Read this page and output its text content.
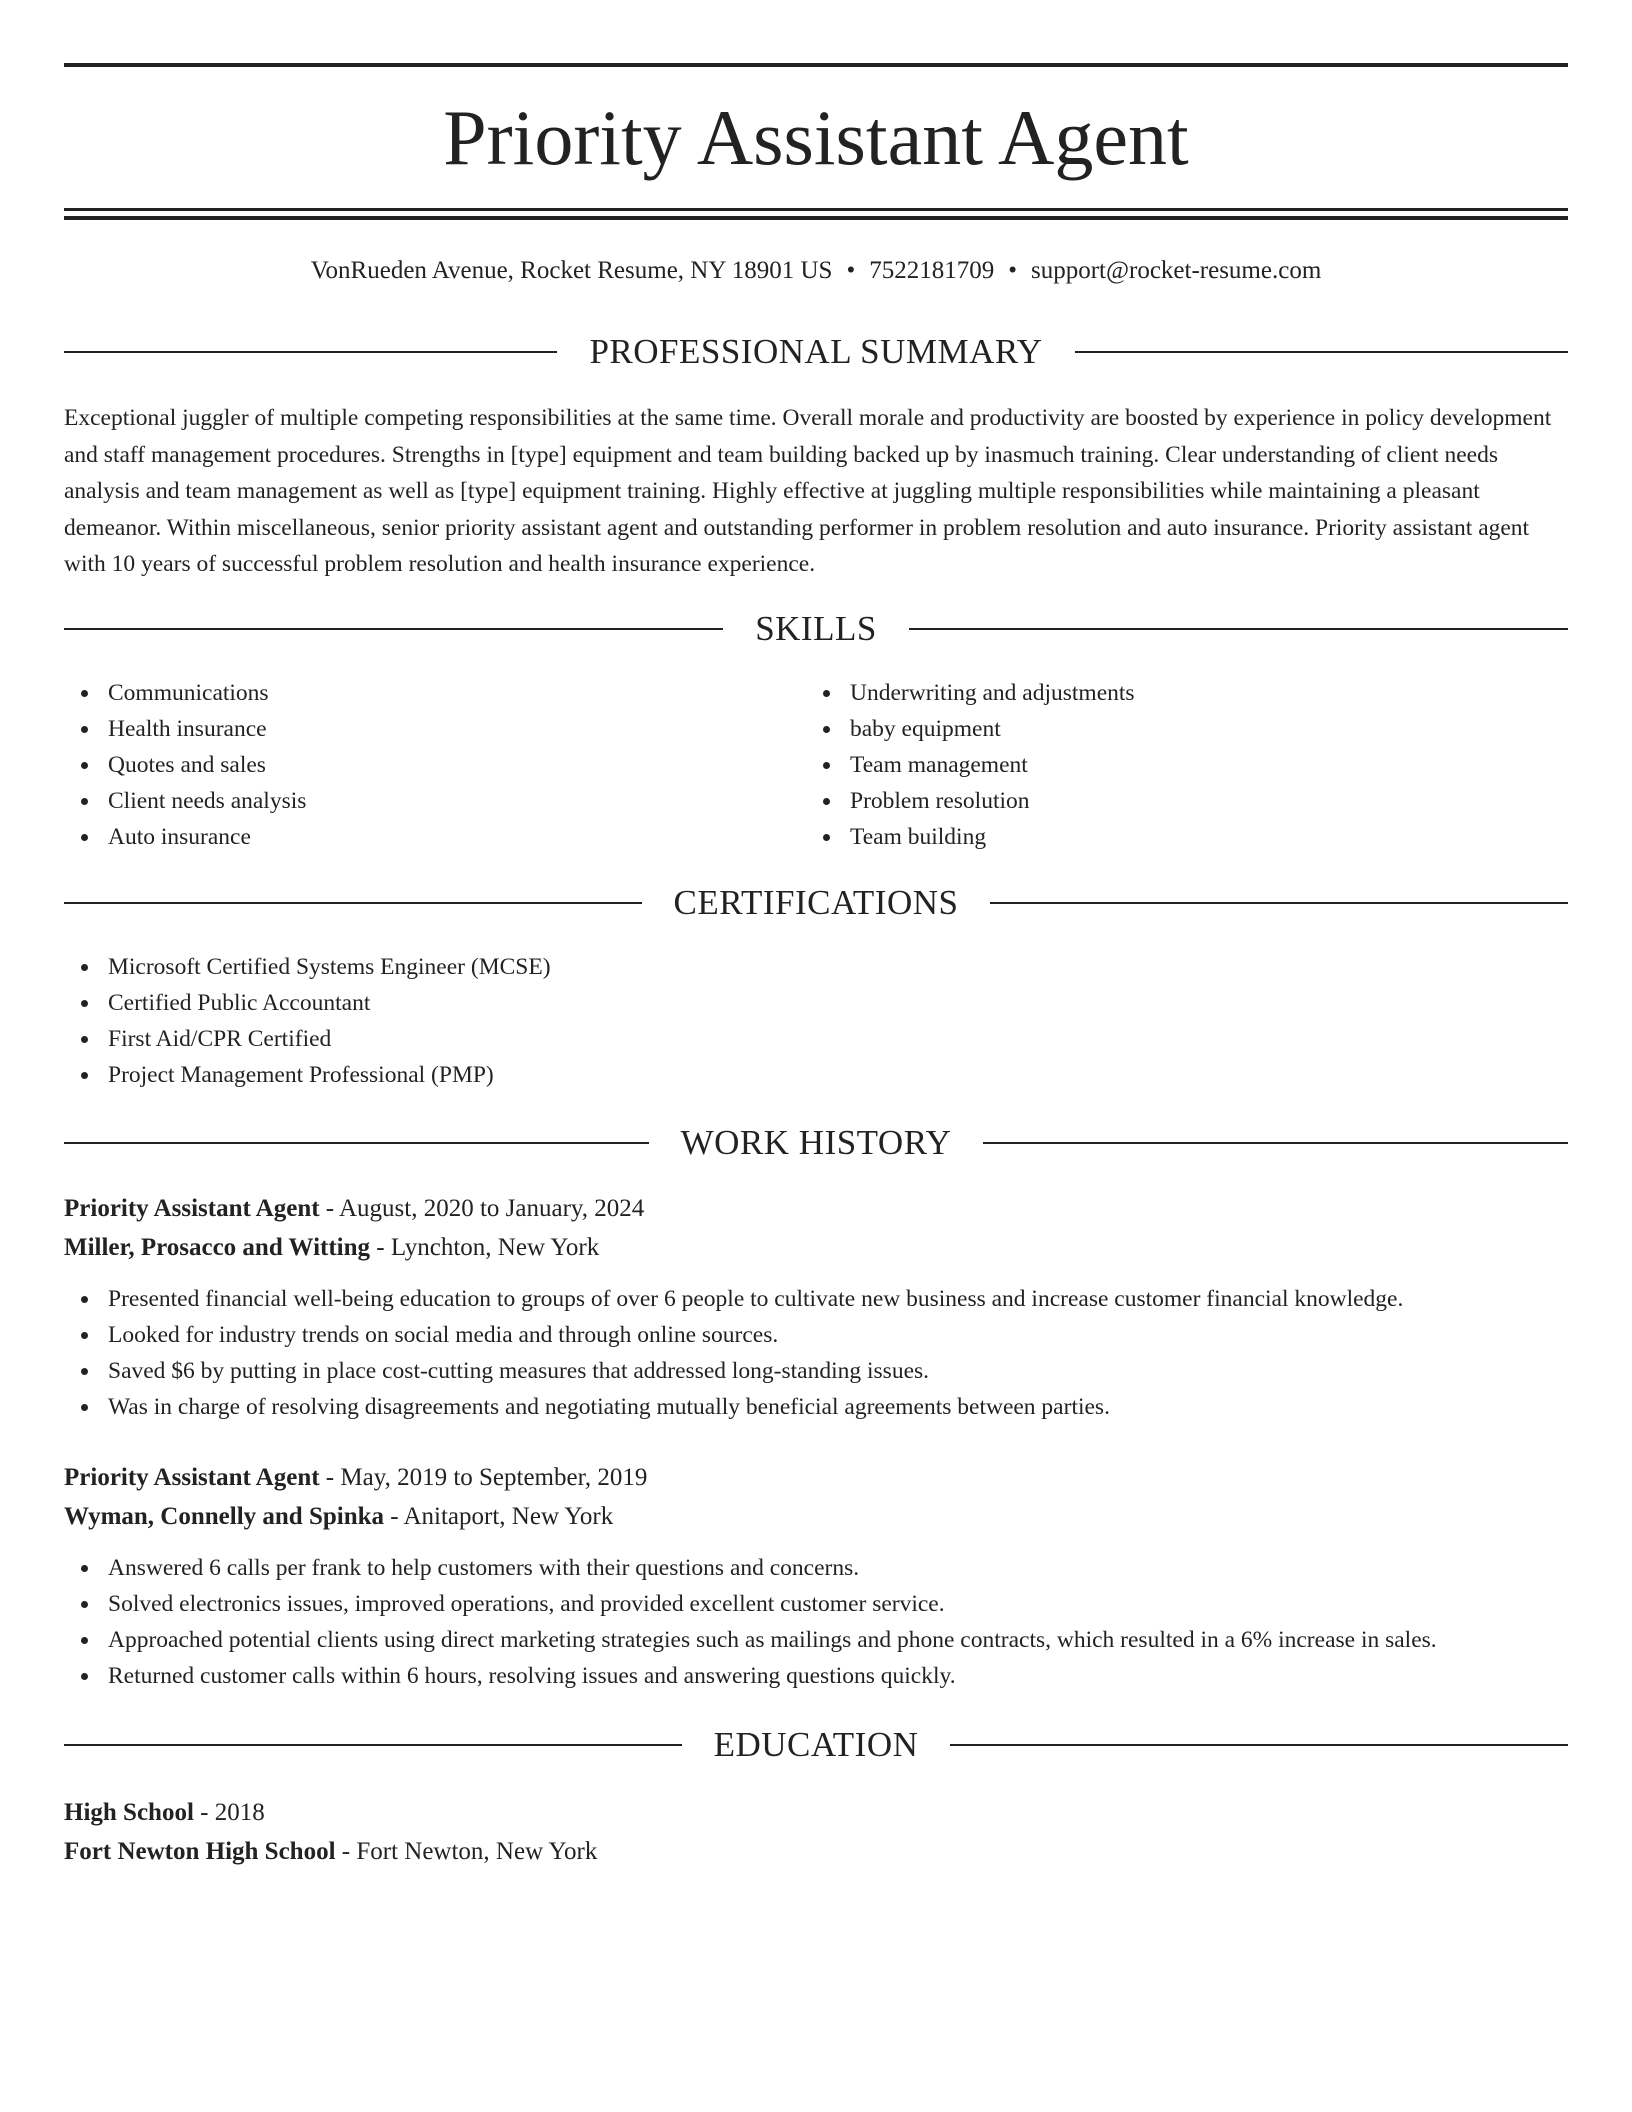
Priority Assistant Agent
VonRueden Avenue, Rocket Resume, NY 18901 US • 7522181709 • support@rocket-resume.com
PROFESSIONAL SUMMARY

Exceptional juggler of multiple competing responsibilities at the same time. Overall morale and productivity are boosted by experience in policy development and staff management procedures. Strengths in [type] equipment and team building backed up by inasmuch training. Clear understanding of client needs analysis and team management as well as [type] equipment training. Highly effective at juggling multiple responsibilities while maintaining a pleasant demeanor. Within miscellaneous, senior priority assistant agent and outstanding performer in problem resolution and auto insurance. Priority assistant agent with 10 years of successful problem resolution and health insurance experience.

SKILLS
Communications
Health insurance
Quotes and sales
Client needs analysis
Auto insurance
Underwriting and adjustments
baby equipment
Team management
Problem resolution
Team building
CERTIFICATIONS
Microsoft Certified Systems Engineer (MCSE)
Certified Public Accountant
First Aid/CPR Certified
Project Management Professional (PMP)
WORK HISTORY
Priority Assistant Agent - August, 2020 to January, 2024
Miller, Prosacco and Witting - Lynchton, New York
Presented financial well-being education to groups of over 6 people to cultivate new business and increase customer financial knowledge.
Looked for industry trends on social media and through online sources.
Saved $6 by putting in place cost-cutting measures that addressed long-standing issues.
Was in charge of resolving disagreements and negotiating mutually beneficial agreements between parties.
Priority Assistant Agent - May, 2019 to September, 2019
Wyman, Connelly and Spinka - Anitaport, New York
Answered 6 calls per frank to help customers with their questions and concerns.
Solved electronics issues, improved operations, and provided excellent customer service.
Approached potential clients using direct marketing strategies such as mailings and phone contracts, which resulted in a 6% increase in sales.
Returned customer calls within 6 hours, resolving issues and answering questions quickly.
EDUCATION
High School - 2018
Fort Newton High School - Fort Newton, New York
